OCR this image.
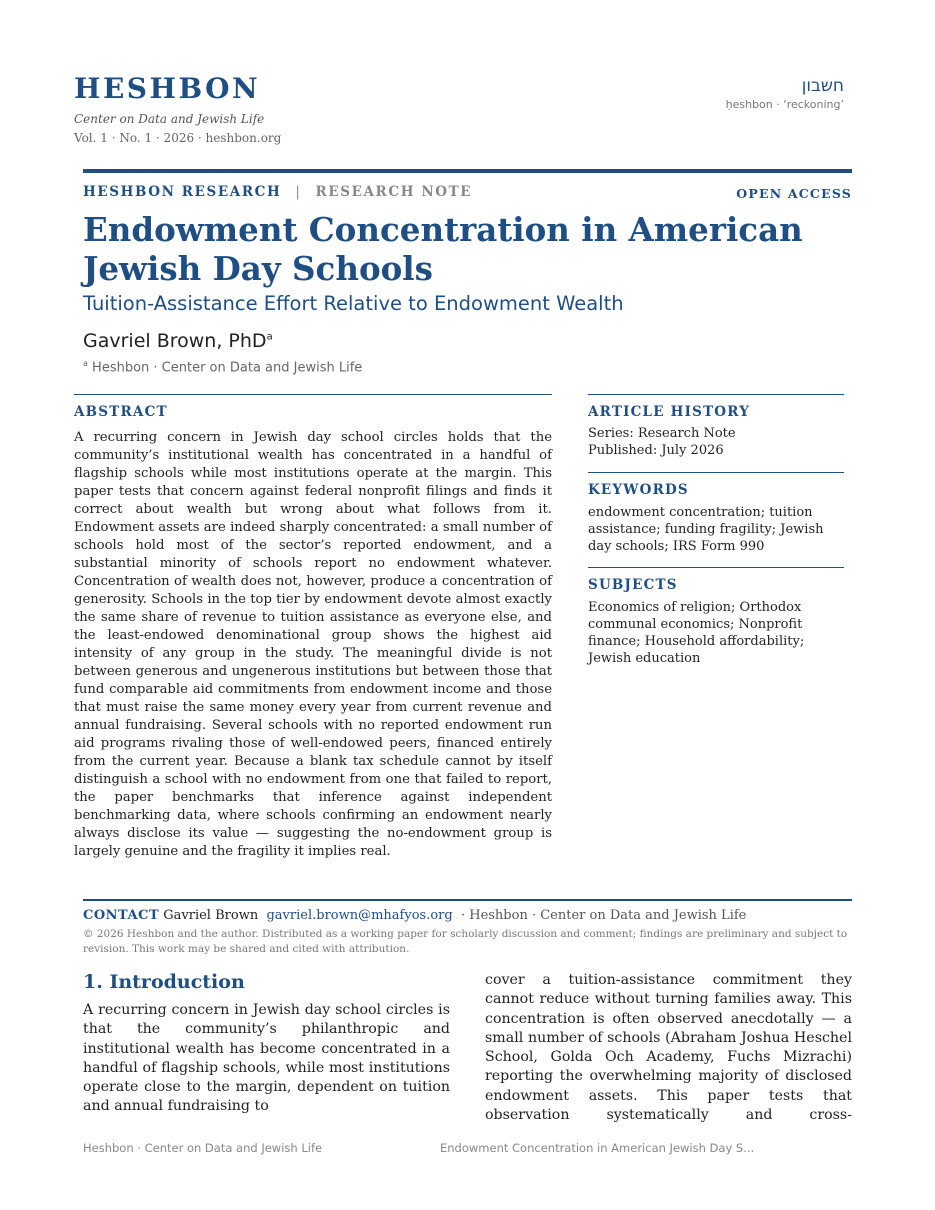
HESHBON
Center on Data and Jewish Life
Vol. 1 · No. 1 · 2026 · heshbon.org
חשבון
ḥeshbon · ‘reckoning’
HESHBON RESEARCH | RESEARCH NOTE	OPEN ACCESS
Endowment Concentration in American Jewish Day Schools
Tuition-Assistance Effort Relative to Endowment Wealth
Gavriel Brown, PhD$^a$
$^a$ Heshbon · Center on Data and Jewish Life
ABSTRACT
A recurring concern in Jewish day school circles holds that the community’s institutional wealth has concentrated in a handful of flagship schools while most institutions operate at the margin. This paper tests that concern against federal nonprofit filings and finds it correct about wealth but wrong about what follows from it. Endowment assets are indeed sharply concentrated: a small number of schools hold most of the sector’s reported endowment, and a substantial minority of schools report no endowment whatever. Concentration of wealth does not, however, produce a concentration of generosity. Schools in the top tier by endowment devote almost exactly the same share of revenue to tuition assistance as everyone else, and the least-endowed denominational group shows the highest aid intensity of any group in the study. The meaningful divide is not between generous and ungenerous institutions but between those that fund comparable aid commitments from endowment income and those that must raise the same money every year from current revenue and annual fundraising. Several schools with no reported endowment run aid programs rivaling those of well-endowed peers, financed entirely from the current year. Because a blank tax schedule cannot by itself distinguish a school with no endowment from one that failed to report, the paper benchmarks that inference against independent benchmarking data, where schools confirming an endowment nearly always disclose its value — suggesting the no-endowment group is largely genuine and the fragility it implies real.
ARTICLE HISTORY
Series: Research Note
Published: July 2026
KEYWORDS
endowment concentration; tuition assistance; funding fragility; Jewish day schools; IRS Form 990
SUBJECTS
Economics of religion; Orthodox communal economics; Nonprofit finance; Household affordability; Jewish education
CONTACT Gavriel Brown gavriel.brown@mhafyos.org · Heshbon · Center on Data and Jewish Life
© 2026 Heshbon and the author. Distributed as a working paper for scholarly discussion and comment; findings are preliminary and subject to revision. This work may be shared and cited with attribution.
1. Introduction
A recurring concern in Jewish day school circles is that the community’s philanthropic and institutional wealth has become concentrated in a handful of flagship schools, while most institutions operate close to the margin, dependent on tuition and annual fundraising to
cover a tuition-assistance commitment they cannot reduce without turning families away. This concentration is often observed anecdotally — a small number of schools (Abraham Joshua Heschel School, Golda Och Academy, Fuchs Mizrachi) reporting the overwhelming majority of disclosed endowment assets. This paper tests that observation systematically and cross-
Heshbon · Center on Data and Jewish Life	Endowment Concentration in American Jewish Day S...
